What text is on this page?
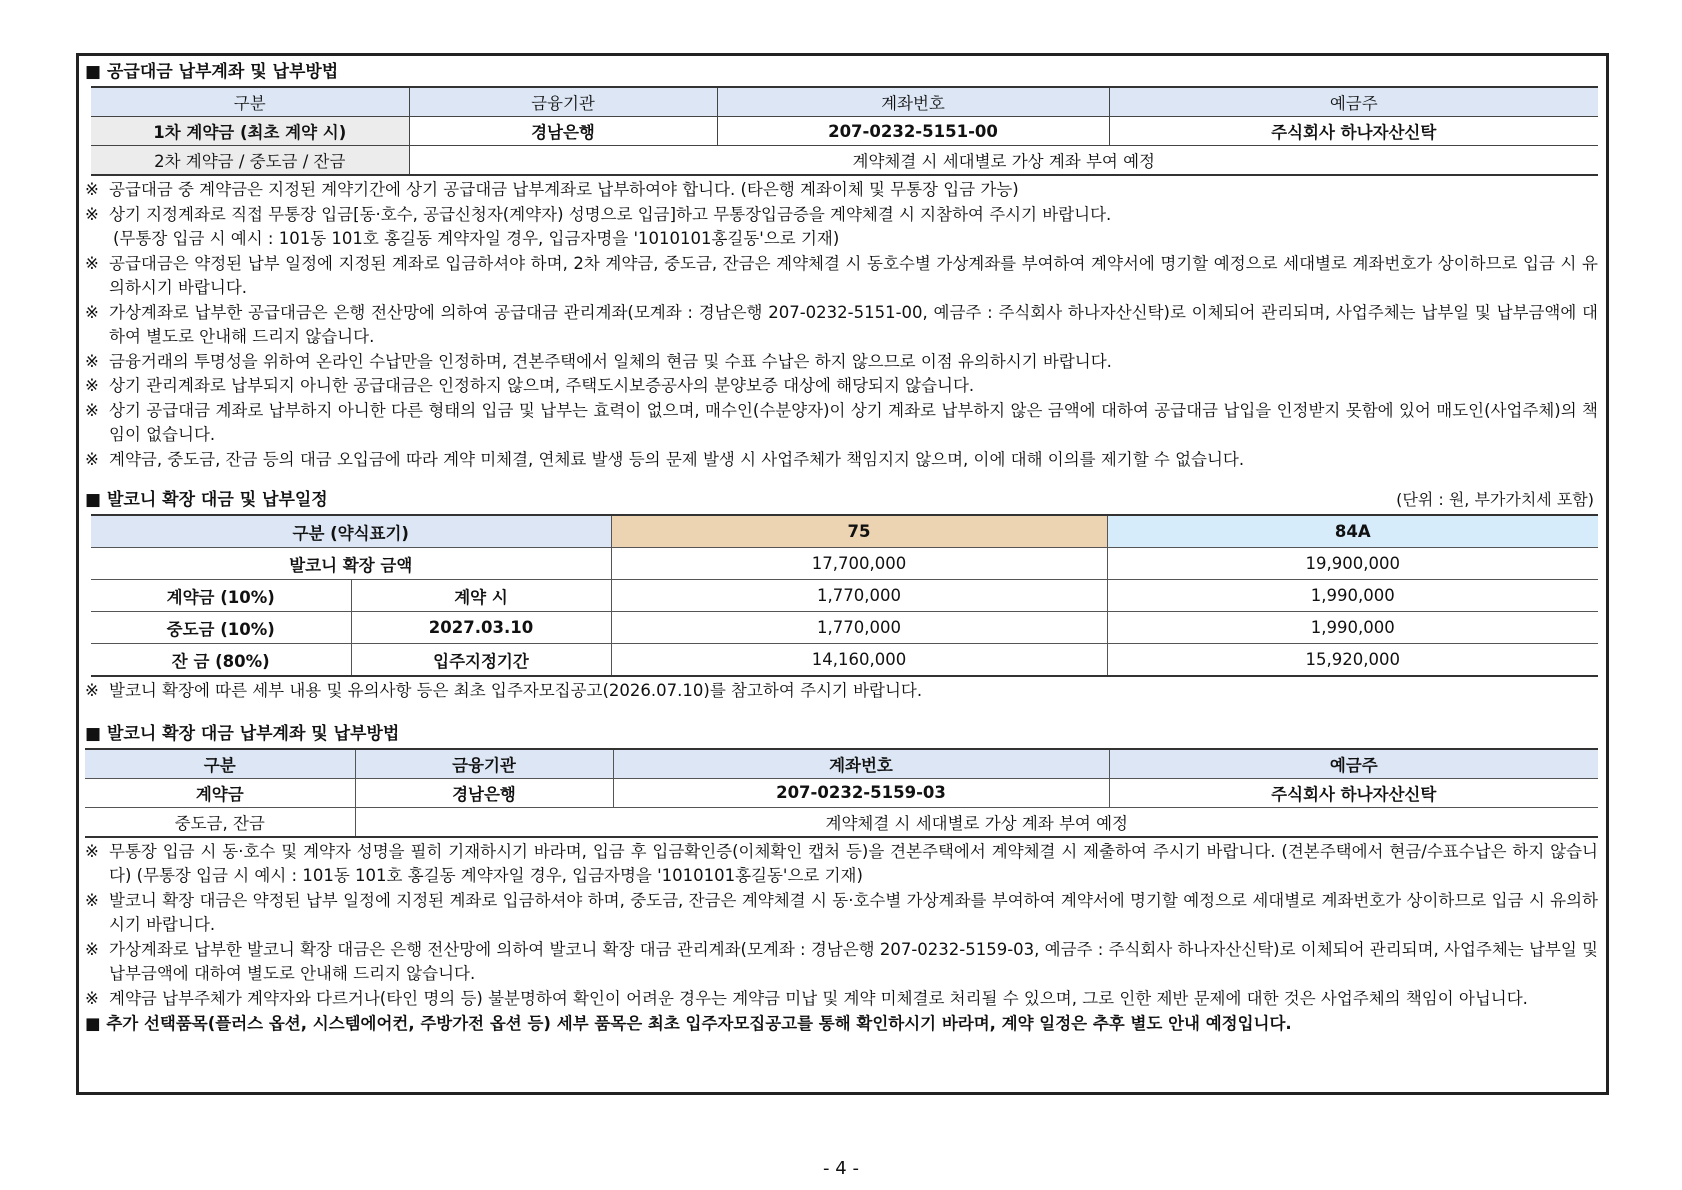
■ 공급대금 납부계좌 및 납부방법
구분	금융기관	계좌번호	예금주
1차 계약금 (최초 계약 시)	경남은행	207-0232-5151-00	주식회사 하나자산신탁
2차 계약금 / 중도금 / 잔금	계약체결 시 세대별로 가상 계좌 부여 예정		
※ 공급대금 중 계약금은 지정된 계약기간에 상기 공급대금 납부계좌로 납부하여야 합니다. (타은행 계좌이체 및 무통장 입금 가능)
※ 상기 지정계좌로 직접 무통장 입금[동·호수, 공급신청자(계약자) 성명으로 입금]하고 무통장입금증을 계약체결 시 지참하여 주시기 바랍니다.
(무통장 입금 시 예시 : 101동 101호 홍길동 계약자일 경우, 입금자명을 '1010101홍길동'으로 기재)
※ 공급대금은 약정된 납부 일정에 지정된 계좌로 입금하셔야 하며, 2차 계약금, 중도금, 잔금은 계약체결 시 동호수별 가상계좌를 부여하여 계약서에 명기할 예정으로 세대별로 계좌번호가 상이하므로 입금 시 유의하시기 바랍니다.
※ 가상계좌로 납부한 공급대금은 은행 전산망에 의하여 공급대금 관리계좌(모계좌 : 경남은행 207-0232-5151-00, 예금주 : 주식회사 하나자산신탁)로 이체되어 관리되며, 사업주체는 납부일 및 납부금액에 대하여 별도로 안내해 드리지 않습니다.
※ 금융거래의 투명성을 위하여 온라인 수납만을 인정하며, 견본주택에서 일체의 현금 및 수표 수납은 하지 않으므로 이점 유의하시기 바랍니다.
※ 상기 관리계좌로 납부되지 아니한 공급대금은 인정하지 않으며, 주택도시보증공사의 분양보증 대상에 해당되지 않습니다.
※ 상기 공급대금 계좌로 납부하지 아니한 다른 형태의 입금 및 납부는 효력이 없으며, 매수인(수분양자)이 상기 계좌로 납부하지 않은 금액에 대하여 공급대금 납입을 인정받지 못함에 있어 매도인(사업주체)의 책임이 없습니다.
※ 계약금, 중도금, 잔금 등의 대금 오입금에 따라 계약 미체결, 연체료 발생 등의 문제 발생 시 사업주체가 책임지지 않으며, 이에 대해 이의를 제기할 수 없습니다.
■ 발코니 확장 대금 및 납부일정	(단위 : 원, 부가가치세 포함)
구분 (약식표기)		75	84A
발코니 확장 금액		17,700,000	19,900,000
계약금 (10%)	계약 시	1,770,000	1,990,000
중도금 (10%)	2027.03.10	1,770,000	1,990,000
잔 금 (80%)	입주지정기간	14,160,000	15,920,000
※ 발코니 확장에 따른 세부 내용 및 유의사항 등은 최초 입주자모집공고(2026.07.10)를 참고하여 주시기 바랍니다.
■ 발코니 확장 대금 납부계좌 및 납부방법
구분	금융기관	계좌번호	예금주
계약금	경남은행	207-0232-5159-03	주식회사 하나자산신탁
중도금, 잔금	계약체결 시 세대별로 가상 계좌 부여 예정		
※ 무통장 입금 시 동·호수 및 계약자 성명을 필히 기재하시기 바라며, 입금 후 입금확인증(이체확인 캡처 등)을 견본주택에서 계약체결 시 제출하여 주시기 바랍니다. (견본주택에서 현금/수표수납은 하지 않습니다) (무통장 입금 시 예시 : 101동 101호 홍길동 계약자일 경우, 입금자명을 '1010101홍길동'으로 기재)
※ 발코니 확장 대금은 약정된 납부 일정에 지정된 계좌로 입금하셔야 하며, 중도금, 잔금은 계약체결 시 동·호수별 가상계좌를 부여하여 계약서에 명기할 예정으로 세대별로 계좌번호가 상이하므로 입금 시 유의하시기 바랍니다.
※ 가상계좌로 납부한 발코니 확장 대금은 은행 전산망에 의하여 발코니 확장 대금 관리계좌(모계좌 : 경남은행 207-0232-5159-03, 예금주 : 주식회사 하나자산신탁)로 이체되어 관리되며, 사업주체는 납부일 및 납부금액에 대하여 별도로 안내해 드리지 않습니다.
※ 계약금 납부주체가 계약자와 다르거나(타인 명의 등) 불분명하여 확인이 어려운 경우는 계약금 미납 및 계약 미체결로 처리될 수 있으며, 그로 인한 제반 문제에 대한 것은 사업주체의 책임이 아닙니다.
■ 추가 선택품목(플러스 옵션, 시스템에어컨, 주방가전 옵션 등) 세부 품목은 최초 입주자모집공고를 통해 확인하시기 바라며, 계약 일정은 추후 별도 안내 예정입니다.
- 4 -
